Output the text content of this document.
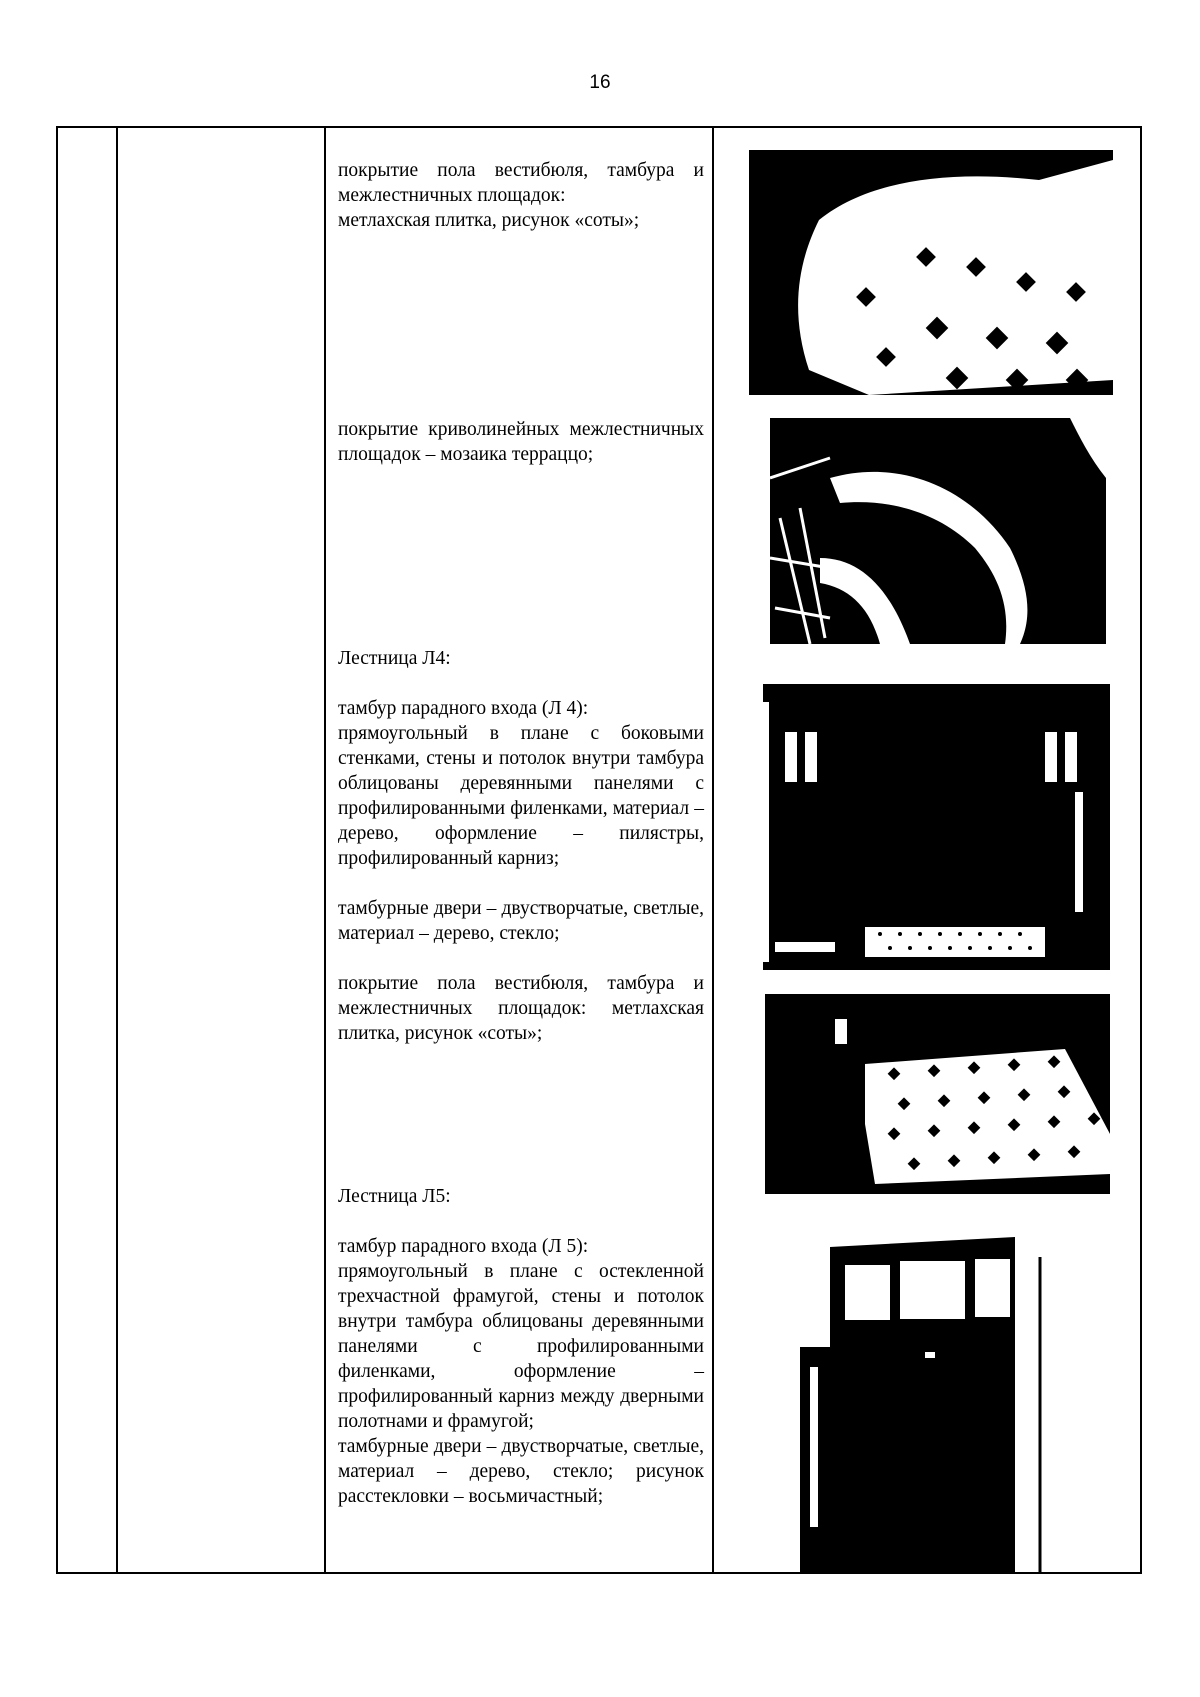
16

покрытие пола вестибюля, тамбура и межлестничных площадок:

метлахская плитка, рисунок «соты»;

покрытие криволинейных межлестничных площадок – мозаика терраццо;

Лестница Л4:

тамбур парадного входа (Л 4):

прямоугольный в плане с боковыми стенками, стены и потолок внутри тамбура облицованы деревянными панелями с профилированными филенками, материал – дерево, оформление – пилястры, профилированный карниз;

тамбурные двери – двустворчатые, светлые, материал – дерево, стекло;

покрытие пола вестибюля, тамбура и межлестничных площадок: метлахская плитка, рисунок «соты»;

Лестница Л5:

тамбур парадного входа (Л 5):

прямоугольный в плане с остекленной трехчастной фрамугой, стены и потолок внутри тамбура облицованы деревянными панелями с профилированными филенками, оформление – профилированный карниз между дверными полотнами и фрамугой;

тамбурные двери – двустворчатые, светлые, материал – дерево, стекло; рисунок расстекловки – восьмичастный;
